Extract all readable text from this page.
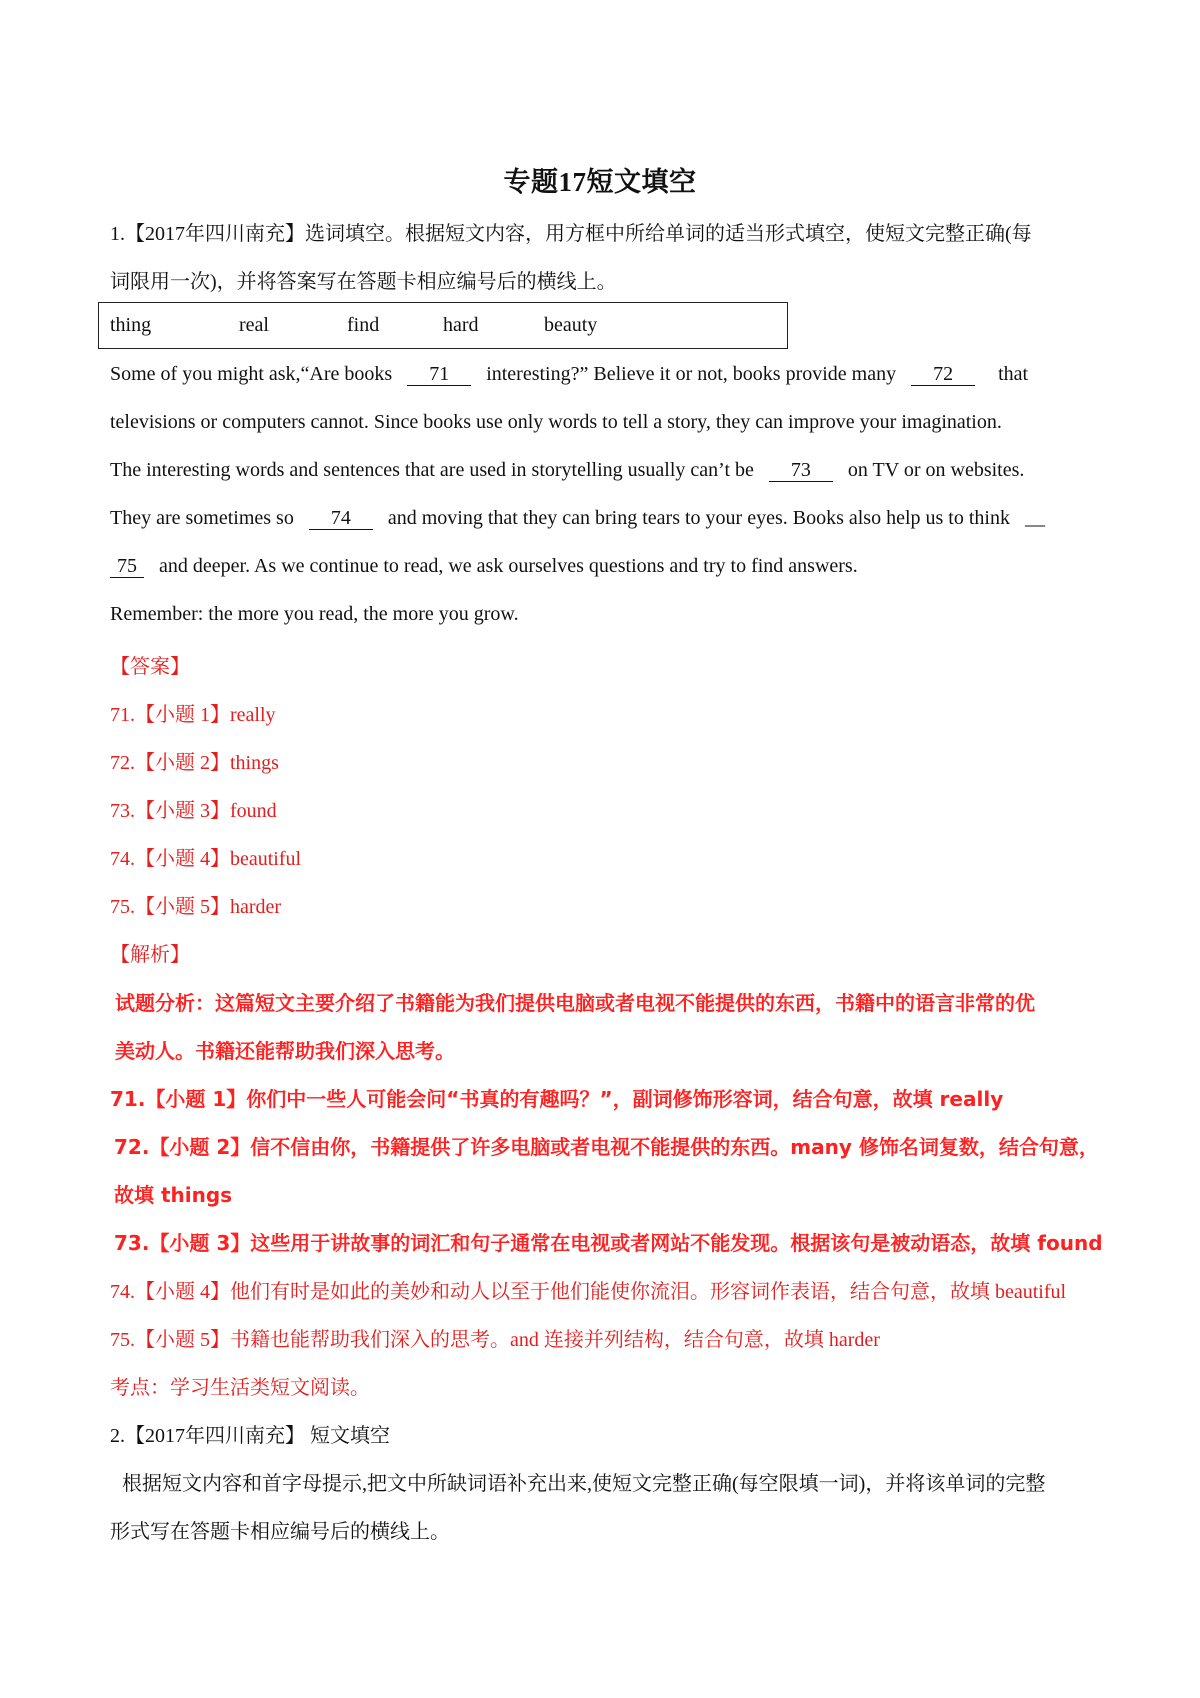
专题17短文填空
1.【2017年四川南充】选词填空。根据短文内容，用方框中所给单词的适当形式填空，使短文完整正确(每
词限用一次)，并将答案写在答题卡相应编号后的横线上。
thing	real	find	hard	beauty
Some of you might ask,“Are books 71 interesting?” Believe it or not, books provide many 72 that
televisions or computers cannot. Since books use only words to tell a story, they can improve your imagination.
The interesting words and sentences that are used in storytelling usually can’t be 73 on TV or on websites.
They are sometimes so 74 and moving that they can bring tears to your eyes. Books also help us to think __
75 and deeper. As we continue to read, we ask ourselves questions and try to find answers.
Remember: the more you read, the more you grow.
【答案】
71.【小题 1】really
72.【小题 2】things
73.【小题 3】found
74.【小题 4】beautiful
75.【小题 5】harder
【解析】
试题分析：这篇短文主要介绍了书籍能为我们提供电脑或者电视不能提供的东西，书籍中的语言非常的优
美动人。书籍还能帮助我们深入思考。
71.【小题 1】你们中一些人可能会问“书真的有趣吗？”，副词修饰形容词，结合句意，故填 really
72.【小题 2】信不信由你，书籍提供了许多电脑或者电视不能提供的东西。many 修饰名词复数，结合句意，
故填 things
73.【小题 3】这些用于讲故事的词汇和句子通常在电视或者网站不能发现。根据该句是被动语态，故填 found
74.【小题 4】他们有时是如此的美妙和动人以至于他们能使你流泪。形容词作表语，结合句意，故填 beautiful
75.【小题 5】书籍也能帮助我们深入的思考。and 连接并列结构，结合句意，故填 harder
考点：学习生活类短文阅读。
2.【2017年四川南充】 短文填空
根据短文内容和首字母提示,把文中所缺词语补充出来,使短文完整正确(每空限填一词)，并将该单词的完整
形式写在答题卡相应编号后的横线上。
